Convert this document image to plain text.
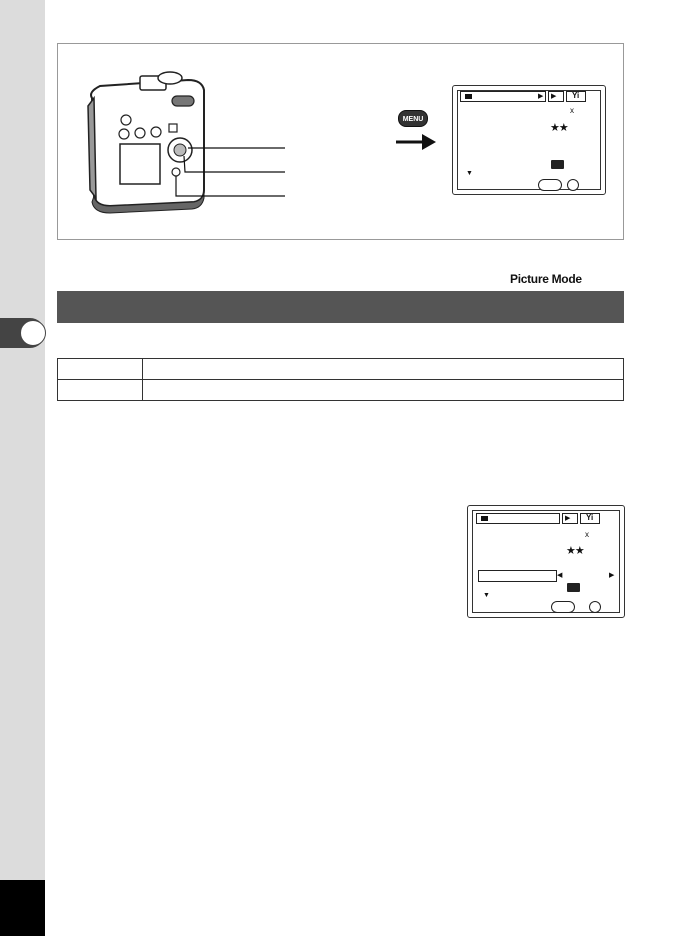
MENU
▶ ▶ Yi
x
★★
▼
Picture Mode

▶ Yi
x
★★
◀	▶
▼
